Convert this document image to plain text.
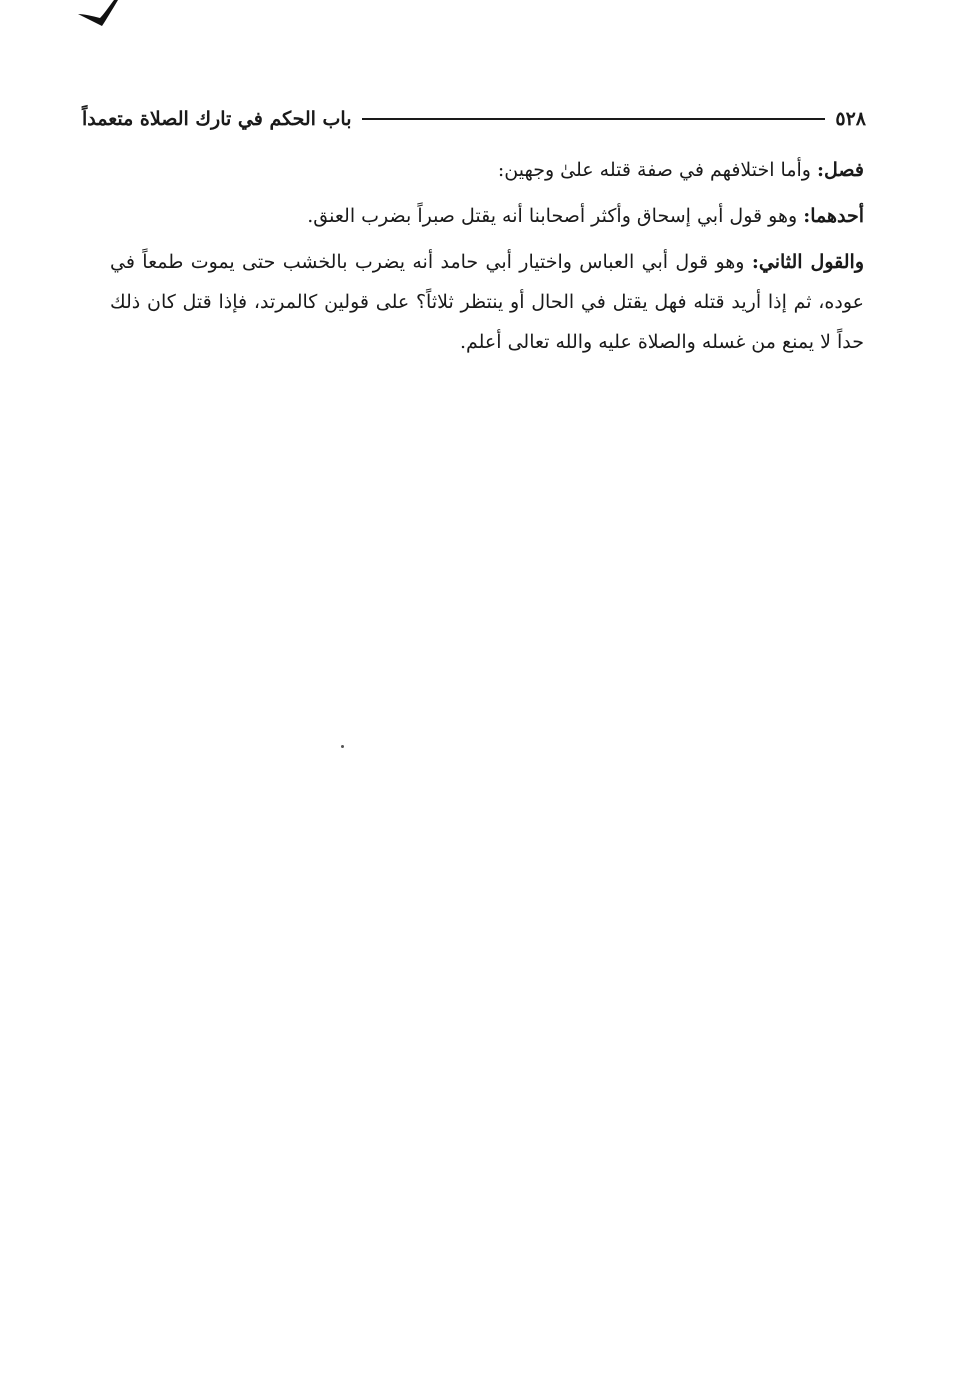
٥٢٨
باب الحكم في تارك الصلاة متعمداً

فصل: وأما اختلافهم في صفة قتله علىٰ وجهين:

أحدهما: وهو قول أبي إسحاق وأكثر أصحابنا أنه يقتل صبراً بضرب العنق.

والقول الثاني: وهو قول أبي العباس واختيار أبي حامد أنه يضرب بالخشب حتى يموت طمعاً في عوده، ثم إذا أريد قتله فهل يقتل في الحال أو ينتظر ثلاثاً؟ على قولين كالمرتد، فإذا قتل كان ذلك حداً لا يمنع من غسله والصلاة عليه والله تعالى أعلم.
